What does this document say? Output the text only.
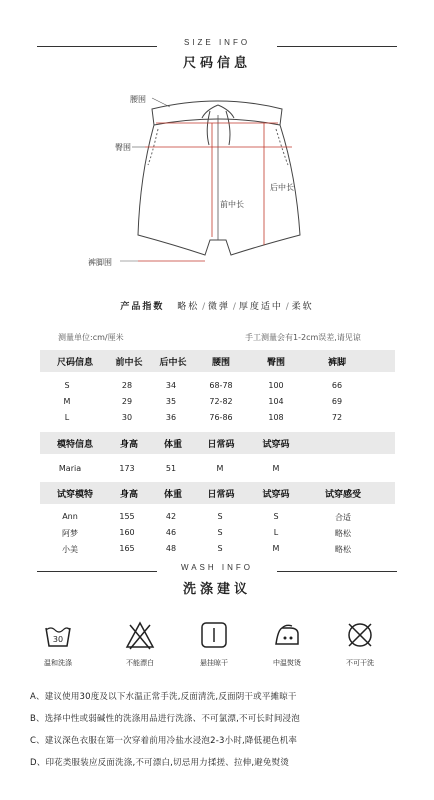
SIZE INFO
尺码信息
腰围
臀围
后中长
前中长
裤脚围
产品指数 略松 / 微弹 / 厚度适中 / 柔软
测量单位:cm/厘米	手工测量会有1-2cm误差,请见谅
尺码信息	前中长	后中长	腰围	臀围	裤脚
S	28	34	68-78	100	66
M	29	35	72-82	104	69
L	30	36	76-86	108	72
模特信息	身高	体重	日常码	试穿码
Maria	173	51	M	M
试穿模特	身高	体重	日常码	试穿码	试穿感受
Ann	155	42	S	S	合适
阿梦	160	46	S	L	略松
小美	165	48	S	M	略松
WASH INFO
洗涤建议
30
温和洗涤	不能漂白	悬挂晾干	中温熨烫	不可干洗
A、建议使用30度及以下水温正常手洗,反面清洗,反面阴干或平摊晾干
B、选择中性或弱碱性的洗涤用品进行洗涤、不可氯漂,不可长时间浸泡
C、建议深色衣服在第一次穿着前用冷盐水浸泡2-3小时,降低褪色机率
D、印花类服装应反面洗涤,不可漂白,切忌用力揉搓、拉伸,避免熨烫
